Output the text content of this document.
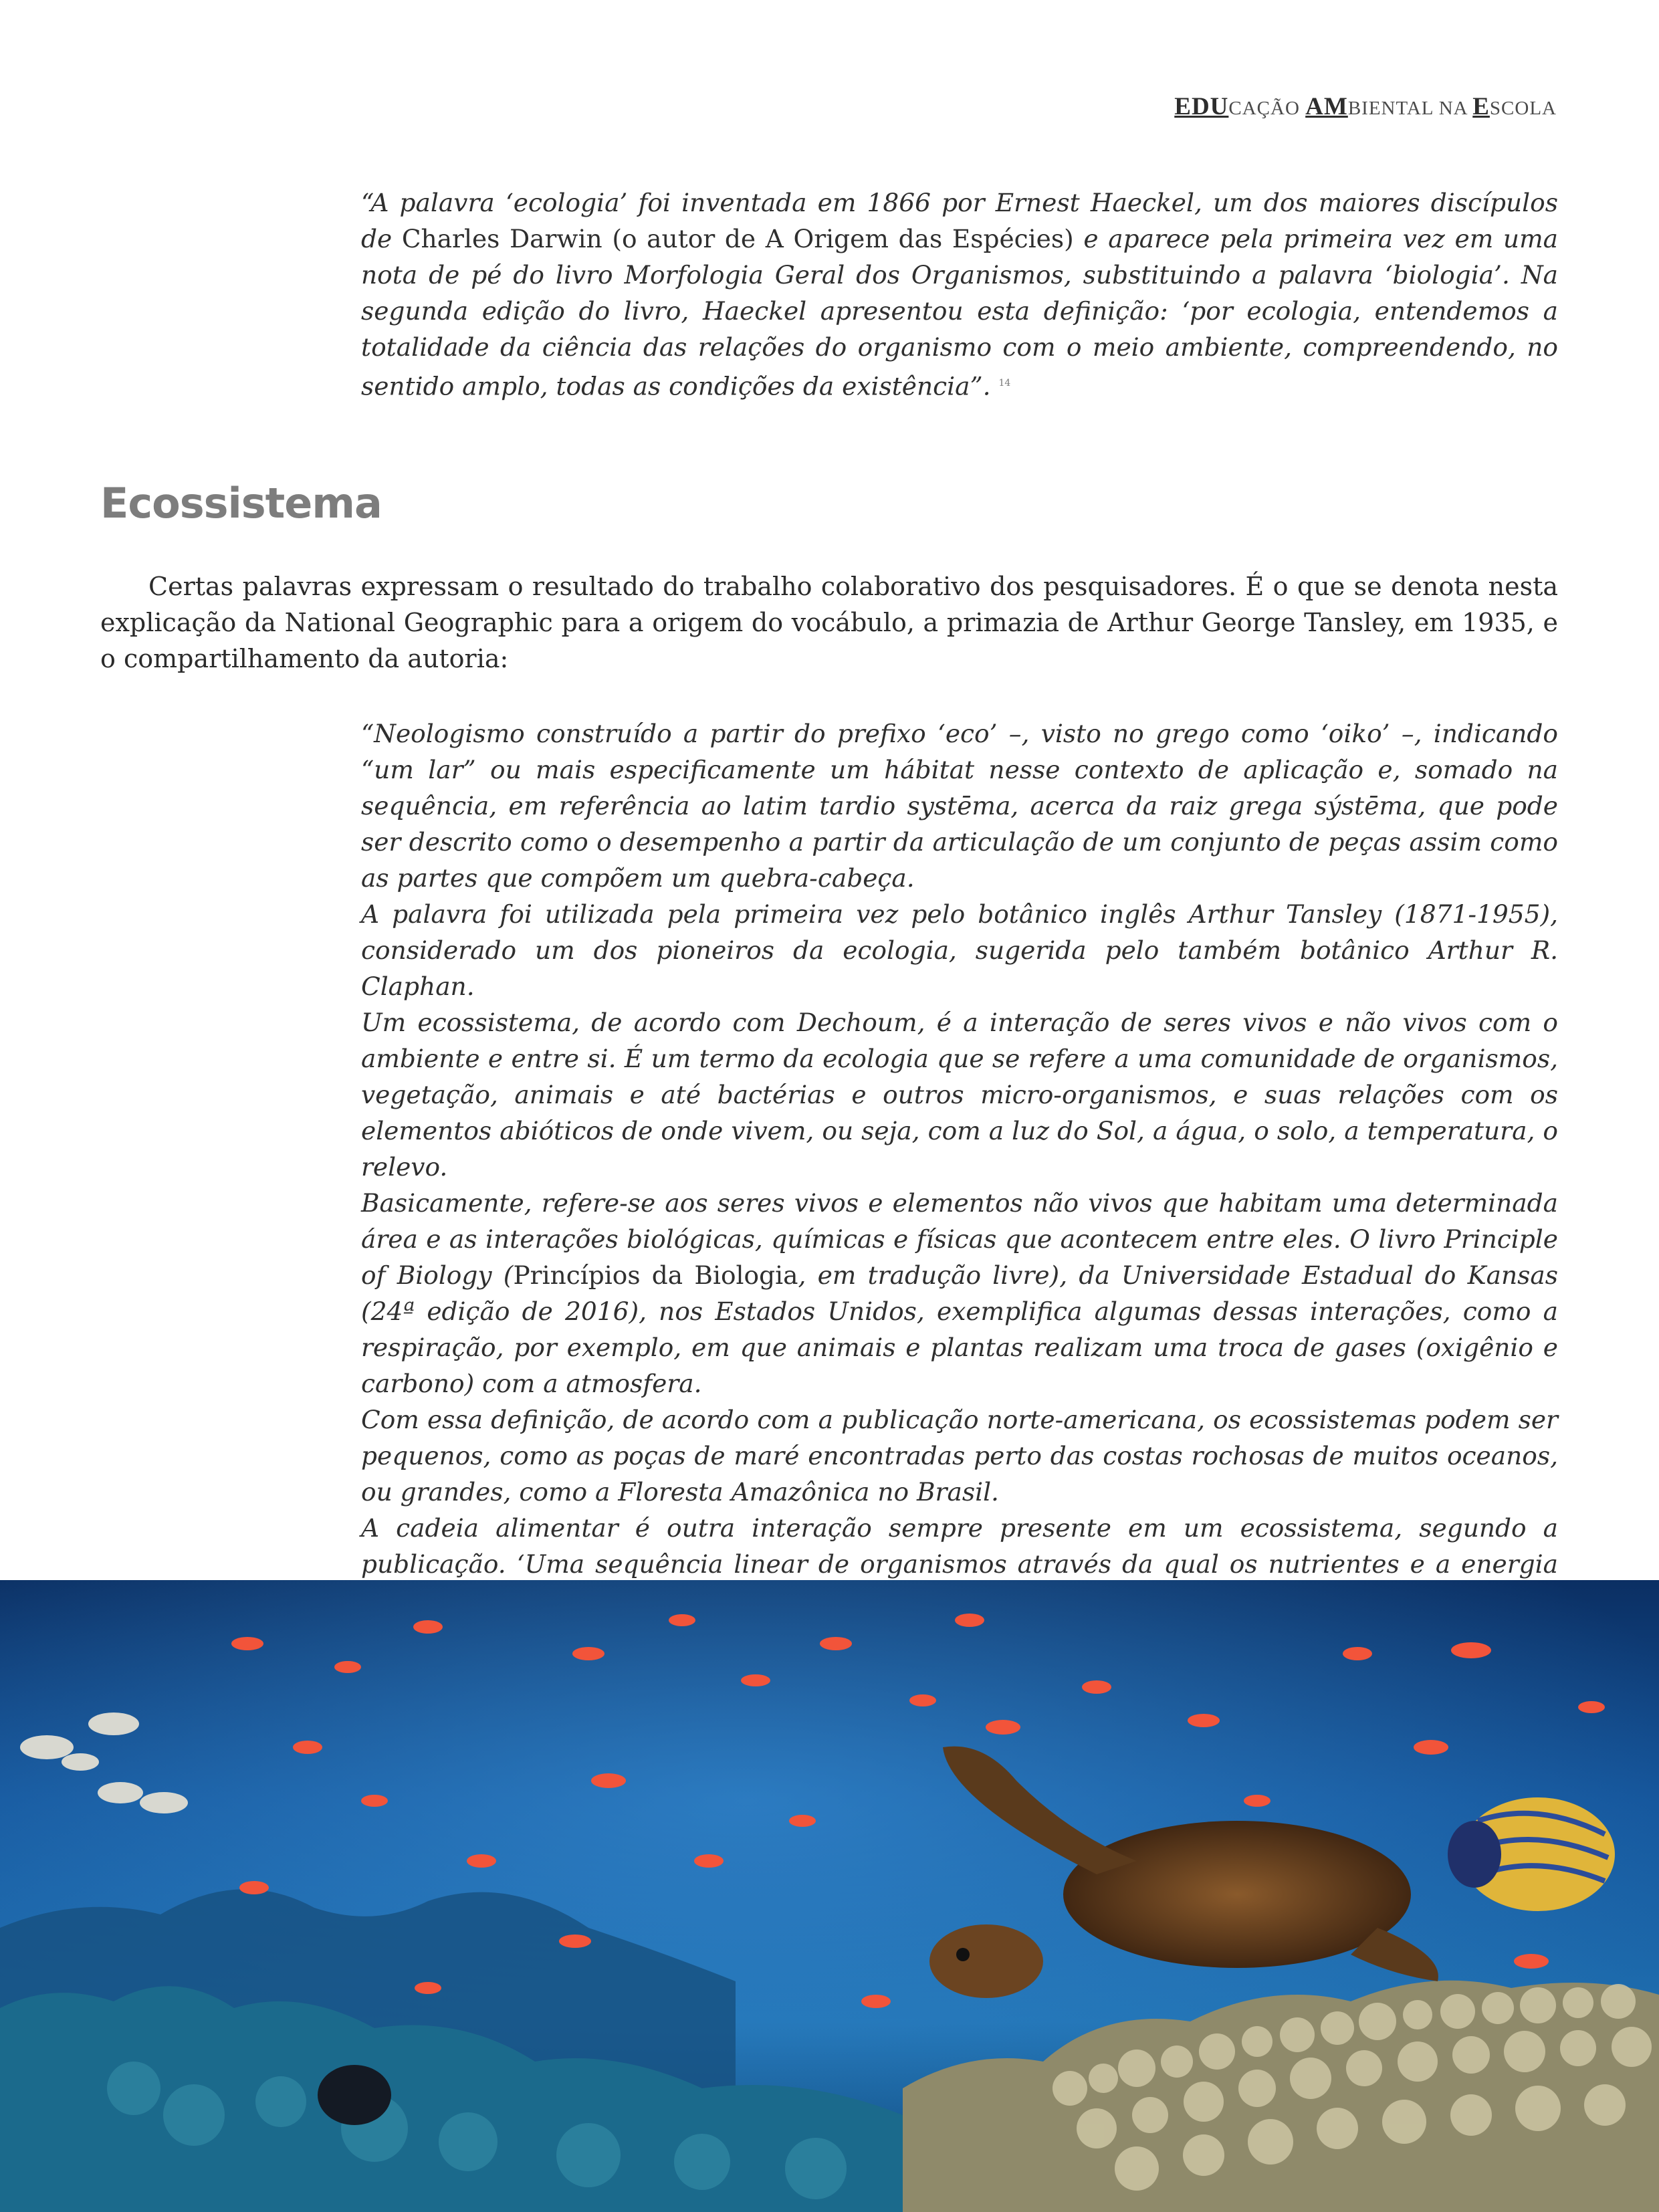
EDUCAÇÃO AMBIENTAL NA ESCOLA

“A palavra ‘ecologia’ foi inventada em 1866 por Ernest Haeckel, um dos maiores discípulos de Charles Darwin (o autor de A Origem das Espécies) e aparece pela primeira vez em uma nota de pé do livro Morfologia Geral dos Organismos, substituindo a palavra ‘biologia’. Na segunda edição do livro, Haeckel apresentou esta definição: ‘por ecologia, entendemos a totalidade da ciência das relações do organismo com o meio ambiente, compreendendo, no sentido amplo, todas as condições da existência”. $^{14}$

Ecossistema

Certas palavras expressam o resultado do trabalho colaborativo dos pesquisadores. É o que se denota nesta explicação da National Geographic para a origem do vocábulo, a primazia de Arthur George Tansley, em 1935, e o compartilhamento da autoria:

“Neologismo construído a partir do prefixo ‘eco’ –, visto no grego como ‘oiko’ –, indicando “um lar” ou mais especificamente um hábitat nesse contexto de aplicação e, somado na sequência, em referência ao latim tardio systēma, acerca da raiz grega sýstēma, que pode ser descrito como o desempenho a partir da articulação de um conjunto de peças assim como as partes que compõem um quebra-cabeça.

A palavra foi utilizada pela primeira vez pelo botânico inglês Arthur Tansley (1871-1955), considerado um dos pioneiros da ecologia, sugerida pelo também botânico Arthur R. Claphan.

Um ecossistema, de acordo com Dechoum, é a interação de seres vivos e não vivos com o ambiente e entre si. É um termo da ecologia que se refere a uma comunidade de organismos, vegetação, animais e até bactérias e outros micro-organismos, e suas relações com os elementos abióticos de onde vivem, ou seja, com a luz do Sol, a água, o solo, a temperatura, o relevo.

Basicamente, refere-se aos seres vivos e elementos não vivos que habitam uma determinada área e as interações biológicas, químicas e físicas que acontecem entre eles. O livro Principle of Biology (Princípios da Biologia, em tradução livre), da Universidade Estadual do Kansas (24ª edição de 2016), nos Estados Unidos, exemplifica algumas dessas interações, como a respiração, por exemplo, em que animais e plantas realizam uma troca de gases (oxigênio e carbono) com a atmosfera.

Com essa definição, de acordo com a publicação norte-americana, os ecossistemas podem ser pequenos, como as poças de maré encontradas perto das costas rochosas de muitos oceanos, ou grandes, como a Floresta Amazônica no Brasil.

A cadeia alimentar é outra interação sempre presente em um ecossistema, segundo a publicação. ‘Uma sequência linear de organismos através da qual os nutrientes e a energia
